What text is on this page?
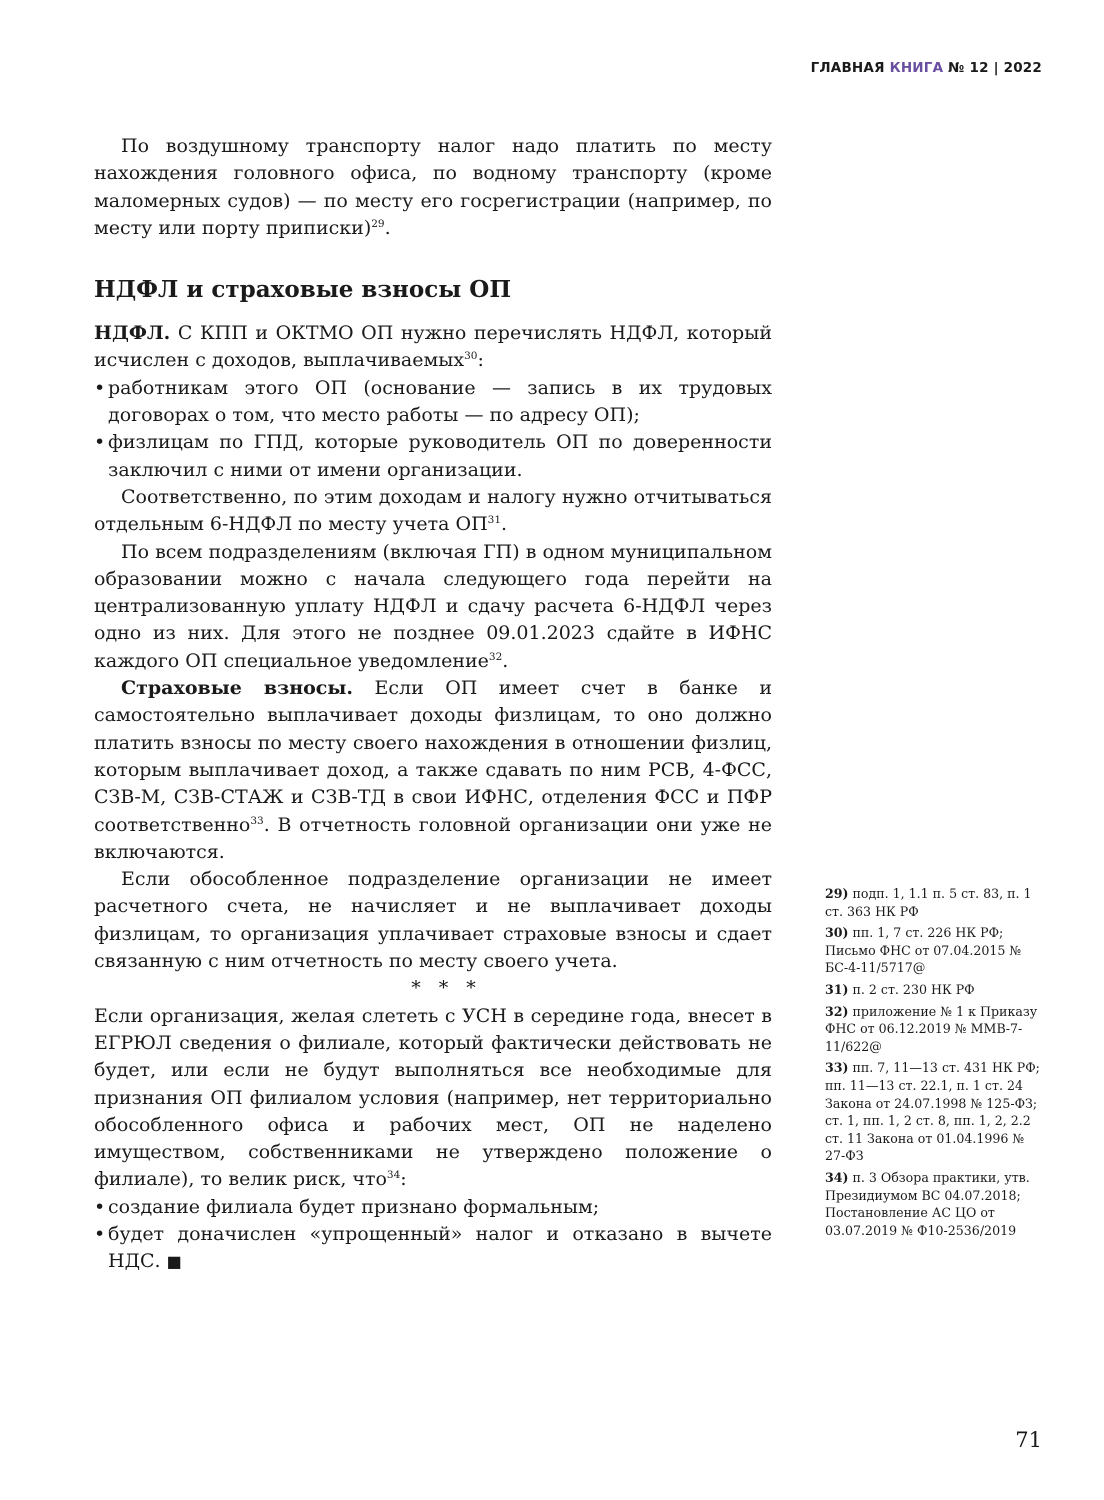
ГЛАВНАЯ КНИГА № 12 | 2022

По воздушному транспорту налог надо платить по месту нахождения головного офиса, по водному транспорту (кроме маломерных судов) — по месту его госрегистрации (например, по месту или порту приписки)$^{29}$.

НДФЛ и страховые взносы ОП

НДФЛ. С КПП и ОКТМО ОП нужно перечислять НДФЛ, который исчислен с доходов, выплачиваемых$^{30}$:

• работникам этого ОП (основание — запись в их трудовых договорах о том, что место работы — по адресу ОП);
• физлицам по ГПД, которые руководитель ОП по доверенности заключил с ними от имени организации.

Соответственно, по этим доходам и налогу нужно отчитываться отдельным 6-НДФЛ по месту учета ОП$^{31}$.

По всем подразделениям (включая ГП) в одном муниципальном образовании можно с начала следующего года перейти на централизованную уплату НДФЛ и сдачу расчета 6-НДФЛ через одно из них. Для этого не позднее 09.01.2023 сдайте в ИФНС каждого ОП специальное уведомление$^{32}$.

Страховые взносы. Если ОП имеет счет в банке и самостоятельно выплачивает доходы физлицам, то оно должно платить взносы по месту своего нахождения в отношении физлиц, которым выплачивает доход, а также сдавать по ним РСВ, 4-ФСС, СЗВ-М, СЗВ-СТАЖ и СЗВ-ТД в свои ИФНС, отделения ФСС и ПФР соответственно$^{33}$. В отчетность головной организации они уже не включаются.

Если обособленное подразделение организации не имеет расчетного счета, не начисляет и не выплачивает доходы физлицам, то организация уплачивает страховые взносы и сдает связанную с ним отчетность по месту своего учета.

* * *

Если организация, желая слететь с УСН в середине года, внесет в ЕГРЮЛ сведения о филиале, который фактически действовать не будет, или если не будут выполняться все необходимые для признания ОП филиалом условия (например, нет территориально обособленного офиса и рабочих мест, ОП не наделено имуществом, собственниками не утверждено положение о филиале), то велик риск, что$^{34}$:

• создание филиала будет признано формальным;
• будет доначислен «упрощенный» налог и отказано в вычете НДС. ■

29) подп. 1, 1.1 п. 5 ст. 83, п. 1 ст. 363 НК РФ

30) пп. 1, 7 ст. 226 НК РФ; Письмо ФНС от 07.04.2015 № БС-4-11/5717@

31) п. 2 ст. 230 НК РФ

32) приложение № 1 к Приказу ФНС от 06.12.2019 № ММВ-7-11/622@

33) пп. 7, 11—13 ст. 431 НК РФ; пп. 11—13 ст. 22.1, п. 1 ст. 24 Закона от 24.07.1998 № 125-ФЗ; ст. 1, пп. 1, 2 ст. 8, пп. 1, 2, 2.2 ст. 11 Закона от 01.04.1996 № 27-ФЗ

34) п. 3 Обзора практики, утв. Президиумом ВС 04.07.2018; Постановление АС ЦО от 03.07.2019 № Ф10-2536/2019

71
